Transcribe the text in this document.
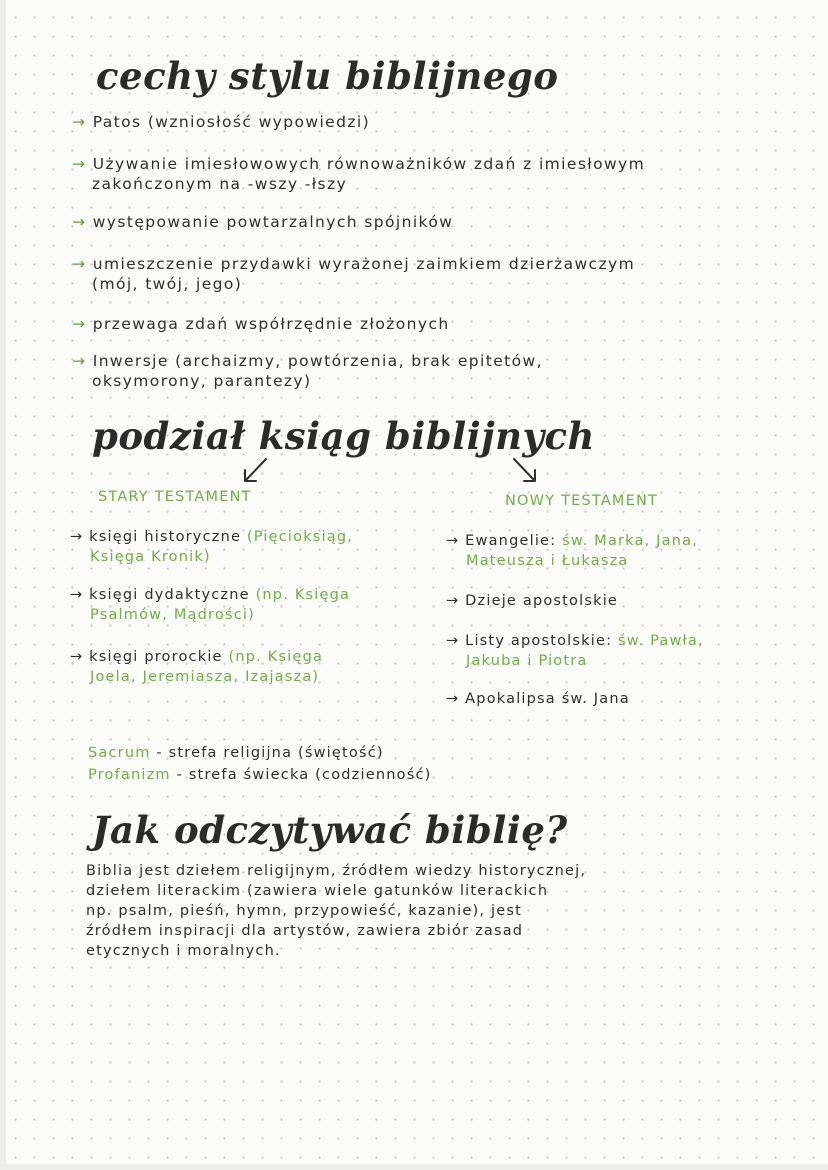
cechy stylu biblijnego
→ Patos (wzniosłość wypowiedzi)
→ Używanie imiesłowowych równoważników zdań z imiesłowym
zakończonym na -wszy -łszy
→ występowanie powtarzalnych spójników
→ umieszczenie przydawki wyrażonej zaimkiem dzierżawczym
(mój, twój, jego)
→ przewaga zdań współrzędnie złożonych
→ Inwersje (archaizmy, powtórzenia, brak epitetów,
oksymorony, parantezy)
podział ksiąg biblijnych
STARY TESTAMENT	NOWY TESTAMENT
→ księgi historyczne (Pięcioksiąg,
Księga Kronik)
→ księgi dydaktyczne (np. Księga
Psalmów, Mądrości)
→ księgi prorockie (np. Księga
Joela, Jeremiasza, Izajasza)
→ Ewangelie: św. Marka, Jana,
Mateusza i Łukasza
→ Dzieje apostolskie
→ Listy apostolskie: św. Pawła,
Jakuba i Piotra
→ Apokalipsa św. Jana
Sacrum - strefa religijna (świętość)
Profanizm - strefa świecka (codzienność)
Jak odczytywać biblię?
Biblia jest dziełem religijnym, źródłem wiedzy historycznej,
dziełem literackim (zawiera wiele gatunków literackich
np. psalm, pieśń, hymn, przypowieść, kazanie), jest
źródłem inspiracji dla artystów, zawiera zbiór zasad
etycznych i moralnych.
